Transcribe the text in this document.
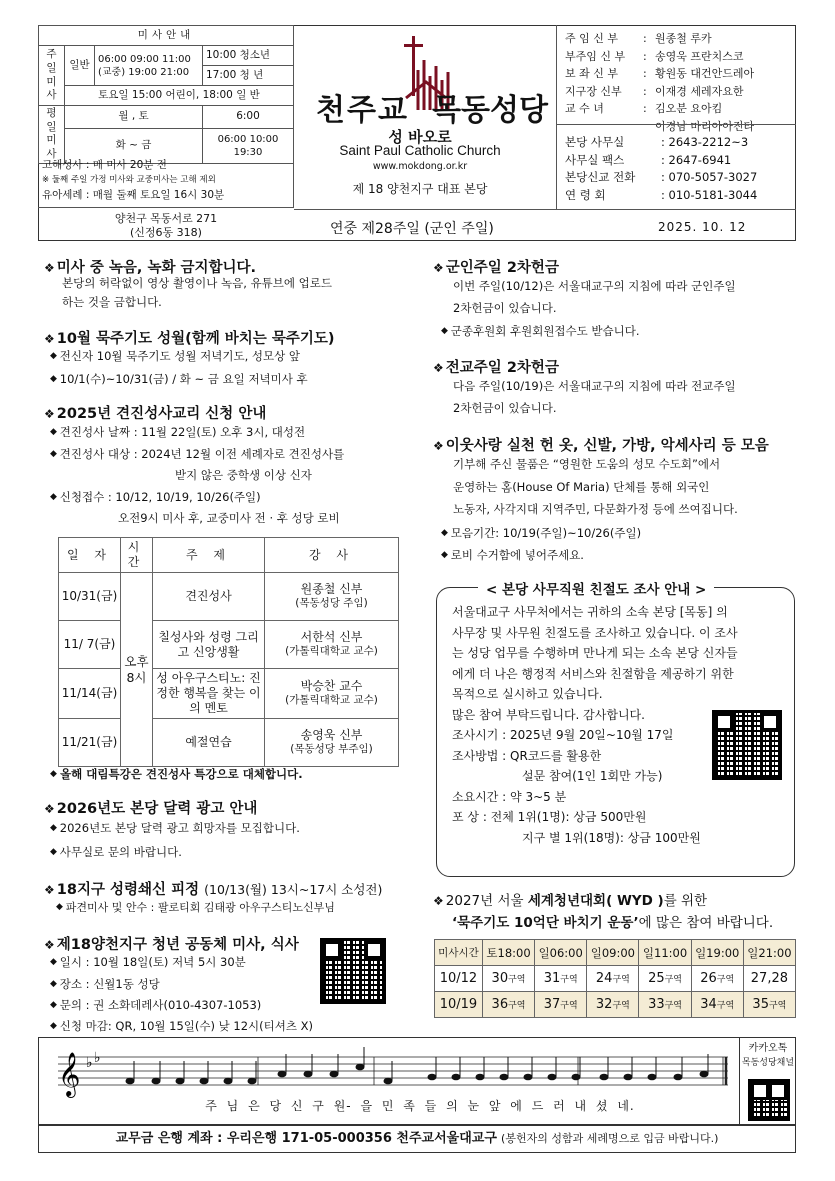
미사안내			
주일 미사	일반	06:00 09:00 11:00 (교중) 19:00 21:00	10:00 청소년
			17:00 청 년
	토요일 15:00 어린이, 18:00 일 반		
평일 미사	월 , 토		6:00
	화 ~ 금		06:00 10:00 19:30
고해성사 : 매 미사 20분 전
※ 둘째 주일 가정 미사와 교중미사는 고해 제외
유아세례 : 매월 둘째 토요일 16시 30분
양천구 목동서로 271
(신정6동 318)
천주교 목동성당
성 바오로
Saint Paul Catholic Church
www.mokdong.or.kr
제 18 양천지구 대표 본당
주 임 신 부 : 원종철 루카
부주임 신 부 : 송영욱 프란치스코
보 좌 신 부 : 황원동 대건안드레아
지구장 신부 : 이재경 세레자요한
교 수 녀	: 김오분 요아킴
이경남 마리아아진타
본당 사무실	: 2643-2212~3
사무실 팩스	: 2647-6941
본당신교 전화 : 070-5057-3027
연 령 회	: 010-5181-3044
연중 제28주일 (군인 주일)	2025. 10. 12
❖ 미사 중 녹음, 녹화 금지합니다.
본당의 허락없이 영상 촬영이나 녹음, 유튜브에 업로드
하는 것을 금합니다.
❖ 10월 묵주기도 성월(함께 바치는 묵주기도)
◆ 전신자 10월 묵주기도 성월 저녁기도, 성모상 앞
◆ 10/1(수)~10/31(금) / 화 ~ 금 요일 저녁미사 후
❖ 2025년 견진성사교리 신청 안내
◆ 견진성사 날짜 : 11월 22일(토) 오후 3시, 대성전
◆ 견진성사 대상 : 2024년 12월 이전 세례자로 견진성사를
받지 않은 중학생 이상 신자
◆ 신청접수 : 10/12, 10/19, 10/26(주일)
오전9시 미사 후, 교중미사 전 · 후 성당 로비
일 자	시간	주 제	강 사
10/31(금)	오후 8시	견진성사	원종철 신부
(목동성당 주임)

11/ 7(금)		칠성사와 성령 그리고 신앙생활	서한석 신부
(가톨릭대학교 교수)

11/14(금)		성 아우구스티노: 진정한 행복을 찾는 이의 멘토	박승찬 교수
(가톨릭대학교 교수)

11/21(금)		예절연습	송영욱 신부
(목동성당 부주임)
◆ 올해 대림특강은 견진성사 특강으로 대체합니다.
❖ 2026년도 본당 달력 광고 안내
◆ 2026년도 본당 달력 광고 희망자를 모집합니다.
◆ 사무실로 문의 바랍니다.
❖ 18지구 성령쇄신 피정 (10/13(월) 13시~17시 소성전)
◆ 파견미사 및 안수 : 팔로티회 김태광 아우구스티노신부님
❖ 제18양천지구 청년 공동체 미사, 식사
◆ 일시 : 10월 18일(토) 저녁 5시 30분
◆ 장소 : 신월1동 성당
◆ 문의 : 권 소화데레사(010-4307-1053)
◆ 신청 마감: QR, 10월 15일(수) 낮 12시(티셔츠 X)
❖ 군인주일 2차헌금
이번 주일(10/12)은 서울대교구의 지침에 따라 군인주일
2차헌금이 있습니다.
◆ 군종후원회 후원회원접수도 받습니다.
❖ 전교주일 2차헌금
다음 주일(10/19)은 서울대교구의 지침에 따라 전교주일
2차헌금이 있습니다.
❖ 이웃사랑 실천 헌 옷, 신발, 가방, 악세사리 등 모음
기부해 주신 물품은 “영원한 도움의 성모 수도회”에서
운영하는 홈(House Of Maria) 단체를 통해 외국인
노동자, 사각지대 지역주민, 다문화가정 등에 쓰여집니다.
◆ 모음기간: 10/19(주일)~10/26(주일)
◆ 로비 수거함에 넣어주세요.
< 본당 사무직원 친절도 조사 안내 >
서울대교구 사무처에서는 귀하의 소속 본당 [목동] 의
사무장 및 사무원 친절도를 조사하고 있습니다. 이 조사
는 성당 업무를 수행하며 만나게 되는 소속 본당 신자들
에게 더 나은 행정적 서비스와 친절함을 제공하기 위한
목적으로 실시하고 있습니다.
많은 참여 부탁드립니다. 감사합니다.
조사시기 : 2025년 9월 20일~10월 17일
조사방법 : QR코드를 활용한
설문 참여(1인 1회만 가능)
소요시간 : 약 3~5 분
포 상 : 전체 1위(1명): 상금 500만원
지구 별 1위(18명): 상금 100만원
❖ 2027년 서울 세계청년대회( WYD )를 위한
‘묵주기도 10억단 바치기 운동’에 많은 참여 바랍니다.
미사시간	토18:00	일06:00	일09:00	일11:00	일19:00	일21:00
10/12	30구역	31구역	24구역	25구역	26구역	27,28
10/19	36구역	37구역	32구역	33구역	34구역	35구역
𝄞 ♭ ♭
주 님 은 당 신 구 원- 을 민 족 들 의 눈 앞 에 드 러 내 셨 네.
카카오톡
목동성당채널
교무금 은행 계좌 : 우리은행 171-05-000356 천주교서울대교구 (봉헌자의 성함과 세례명으로 입금 바랍니다.)
